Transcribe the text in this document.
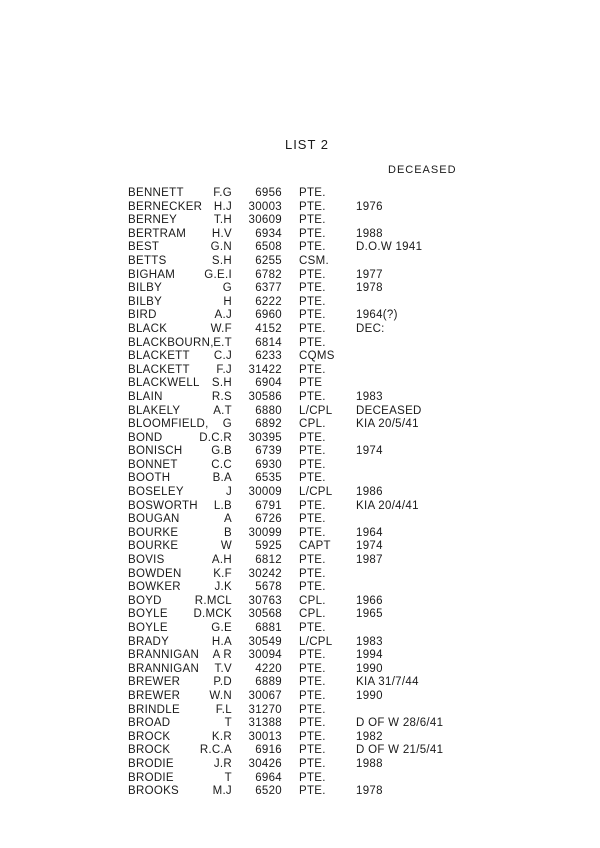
LIST 2
DECEASED
BENNETT	F.G	6956 PTE.
BERNECKER	H.J	30003 PTE.	1976
BERNEY	T.H	30609 PTE.
BERTRAM	H.V	6934 PTE.	1988
BEST	G.N	6508 PTE.	D.O.W 1941
BETTS	S.H	6255 CSM.
BIGHAM	G.E.I	6782 PTE.	1977
BILBY	G	6377 PTE.	1978
BILBY	H	6222 PTE.
BIRD	A.J	6960 PTE.	1964(?)
BLACK	W.F	4152 PTE.	DEC:
BLACKBOURN, E.T	6814 PTE.
BLACKETT	C.J	6233 CQMS
BLACKETT	F.J	31422 PTE.
BLACKWELL	S.H	6904 PTE
BLAIN	R.S	30586 PTE.	1983
BLAKELY	A.T	6880 L/CPL DECEASED
BLOOMFIELD,	G	6892 CPL.	KIA 20/5/41
BOND	D.C.R	30395 PTE.
BONISCH	G.B	6739 PTE.	1974
BONNET	C.C	6930 PTE.
BOOTH	B.A	6535 PTE.
BOSELEY	J	30009 L/CPL 1986
BOSWORTH	L.B	6791 PTE.	KIA 20/4/41
BOUGAN	A	6726 PTE.
BOURKE	B	30099 PTE.	1964
BOURKE	W	5925 CAPT 1974
BOVIS	A.H	6812 PTE.	1987
BOWDEN	K.F	30242 PTE.
BOWKER	J.K	5678 PTE.
BOYD	R.MCL	30763 CPL.	1966
BOYLE	D.MCK	30568 CPL.	1965
BOYLE	G.E	6881 PTE.
BRADY	H.A	30549 L/CPL 1983
BRANNIGAN	A R	30094 PTE.	1994
BRANNIGAN	T.V	4220 PTE.	1990
BREWER	P.D	6889 PTE.	KIA 31/7/44
BREWER	W.N	30067 PTE.	1990
BRINDLE	F.L	31270 PTE.
BROAD	T	31388 PTE.	D OF W 28/6/41
BROCK	K.R	30013 PTE.	1982
BROCK	R.C.A	6916 PTE.	D OF W 21/5/41
BRODIE	J.R	30426 PTE.	1988
BRODIE	T	6964 PTE.
BROOKS	M.J	6520 PTE.	1978
